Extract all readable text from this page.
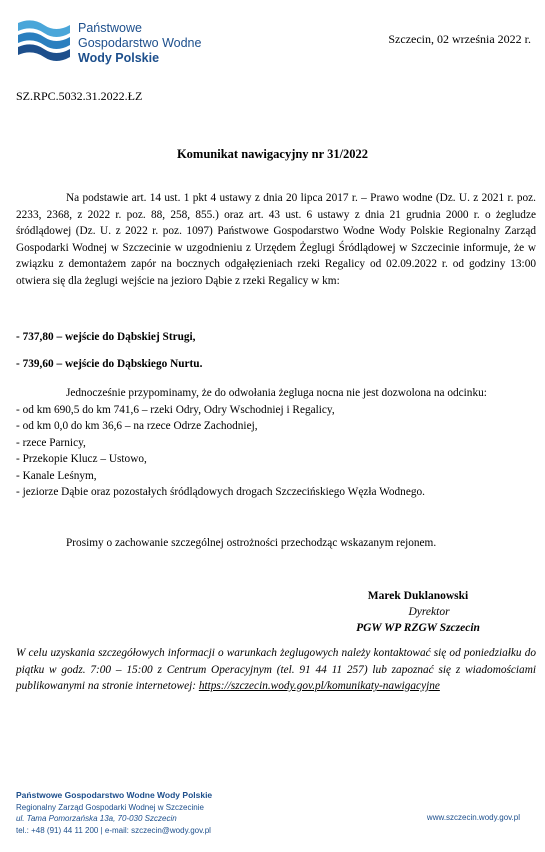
Państwowe
Gospodarstwo Wodne
Wody Polskie
Szczecin, 02 września 2022 r.
SZ.RPC.5032.31.2022.ŁZ
Komunikat nawigacyjny nr 31/2022
Na podstawie art. 14 ust. 1 pkt 4 ustawy z dnia 20 lipca 2017 r. – Prawo wodne (Dz. U. z 2021 r. poz. 2233, 2368, z 2022 r. poz. 88, 258, 855.) oraz art. 43 ust. 6 ustawy z dnia 21 grudnia 2000 r. o żegludze śródlądowej (Dz. U. z 2022 r. poz. 1097) Państwowe Gospodarstwo Wodne Wody Polskie Regionalny Zarząd Gospodarki Wodnej w Szczecinie w uzgodnieniu z Urzędem Żeglugi Śródlądowej w Szczecinie informuje, że w związku z demontażem zapór na bocznych odgałęzieniach rzeki Regalicy od 02.09.2022 r. od godziny 13:00 otwiera się dla żeglugi wejście na jezioro Dąbie z rzeki Regalicy w km:
- 737,80 – wejście do Dąbskiej Strugi,
- 739,60 – wejście do Dąbskiego Nurtu.
Jednocześnie przypominamy, że do odwołania żegluga nocna nie jest dozwolona na odcinku:
- od km 690,5 do km 741,6 – rzeki Odry, Odry Wschodniej i Regalicy,
- od km 0,0 do km 36,6 – na rzece Odrze Zachodniej,
- rzece Parnicy,
- Przekopie Klucz – Ustowo,
- Kanale Leśnym,
- jeziorze Dąbie oraz pozostałych śródlądowych drogach Szczecińskiego Węzła Wodnego.
Prosimy o zachowanie szczególnej ostrożności przechodząc wskazanym rejonem.
Marek Duklanowski
Dyrektor
PGW WP RZGW Szczecin
W celu uzyskania szczegółowych informacji o warunkach żeglugowych należy kontaktować się od poniedziałku do piątku w godz. 7:00 – 15:00 z Centrum Operacyjnym (tel. 91 44 11 257) lub zapoznać się z wiadomościami publikowanymi na stronie internetowej: https://szczecin.wody.gov.pl/komunikaty-nawigacyjne
Państwowe Gospodarstwo Wodne Wody Polskie
Regionalny Zarząd Gospodarki Wodnej w Szczecinie
ul. Tama Pomorzańska 13a, 70-030 Szczecin
tel.: +48 (91) 44 11 200 | e-mail: szczecin@wody.gov.pl
www.szczecin.wody.gov.pl
